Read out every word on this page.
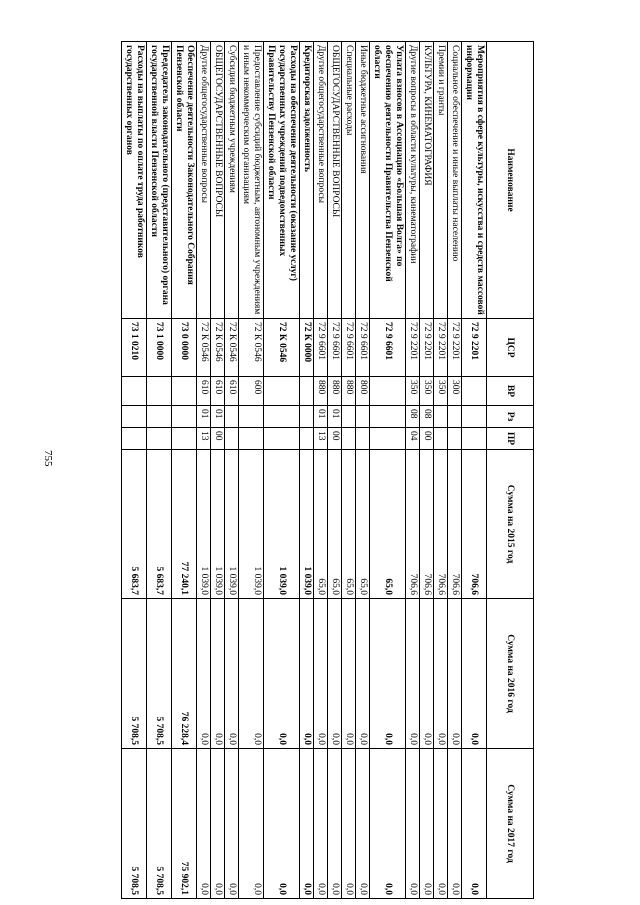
755
Наименование	ЦСР	ВР	Рз	ПР	Сумма на 2015 год	Сумма на 2016 год	Сумма на 2017 год
Мероприятия в сфере культуры, искусства и средств массовой информации	72 9 2201				706,6	0,0	0,0
Социальное обеспечение и иные выплаты населению	72 9 2201	300			706,6	0,0	0,0
Премии и гранты	72 9 2201	350			706,6	0,0	0,0
КУЛЬТУРА, КИНЕМАТОГРАФИЯ	72 9 2201	350	08	00	706,6	0,0	0,0
Другие вопросы в области культуры, кинематографии	72 9 2201	350	08	04	706,6	0,0	0,0
Уплата взносов в Ассоциацию «Большая Волга» по обеспечению деятельности Правительства Пензенской области	72 9 6601				65,0	0,0	0,0
Иные бюджетные ассигнования	72 9 6601	800			65,0	0,0	0,0
Специальные расходы	72 9 6601	880			65,0	0,0	0,0
ОБЩЕГОСУДАРСТВЕННЫЕ ВОПРОСЫ	72 9 6601	880	01	00	65,0	0,0	0,0
Другие общегосударственные вопросы	72 9 6601	880	01	13	65,0	0,0	0,0
Кредиторская задолженность	72 К 0000				1 039,0	0,0	0,0
Расходы на обеспечение деятельности (оказание услуг) государственных учреждений подведомственных Правительству Пензенской области	72 К 0546				1 039,0	0,0	0,0
Предоставление субсидий бюджетным, автономным учреждениям и иным некоммерческим организациям	72 К 0546	600			1 039,0	0,0	0,0
Субсидии бюджетным учреждениям	72 К 0546	610			1 039,0	0,0	0,0
ОБЩЕГОСУДАРСТВЕННЫЕ ВОПРОСЫ	72 К 0546	610	01	00	1 039,0	0,0	0,0
Другие общегосударственные вопросы	72 К 0546	610	01	13	1 039,0	0,0	0,0
Обеспечение деятельности Законодательного Собрания Пензенской области	73 0 0000				77 240,1	76 228,4	75 902,1
Председатель законодательного (представительного) органа государственной власти Пензенской области	73 1 0000				5 683,7	5 708,5	5 708,5
Расходы на выплаты по оплате труда работников государственных органов	73 1 0210				5 683,7	5 708,5	5 708,5
